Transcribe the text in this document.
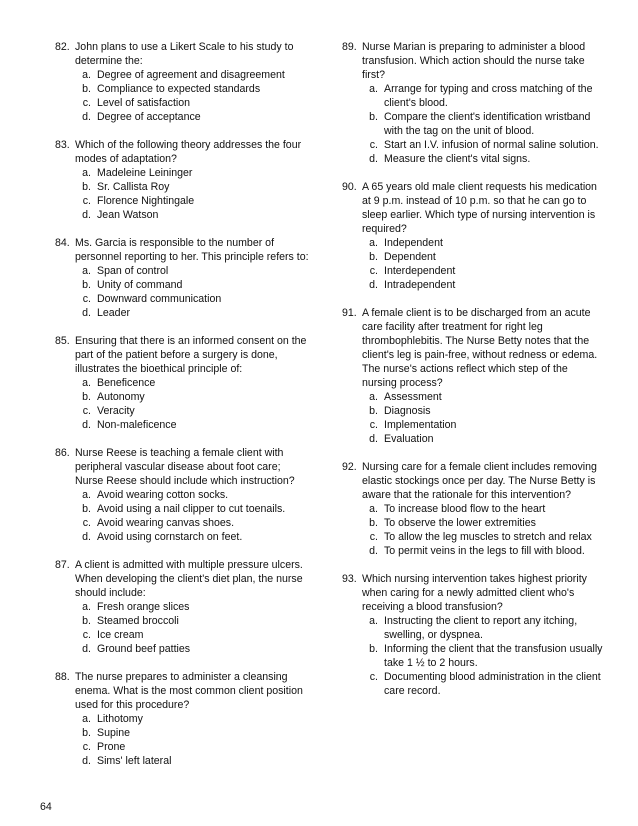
82. John plans to use a Likert Scale to his study to determine the:
a. Degree of agreement and disagreement
b. Compliance to expected standards
c. Level of satisfaction
d. Degree of acceptance
83. Which of the following theory addresses the four modes of adaptation?
a. Madeleine Leininger
b. Sr. Callista Roy
c. Florence Nightingale
d. Jean Watson
84. Ms. Garcia is responsible to the number of personnel reporting to her. This principle refers to:
a. Span of control
b. Unity of command
c. Downward communication
d. Leader
85. Ensuring that there is an informed consent on the part of the patient before a surgery is done, illustrates the bioethical principle of:
a. Beneficence
b. Autonomy
c. Veracity
d. Non-maleficence
86. Nurse Reese is teaching a female client with peripheral vascular disease about foot care; Nurse Reese should include which instruction?
a. Avoid wearing cotton socks.
b. Avoid using a nail clipper to cut toenails.
c. Avoid wearing canvas shoes.
d. Avoid using cornstarch on feet.
87. A client is admitted with multiple pressure ulcers. When developing the client's diet plan, the nurse should include:
a. Fresh orange slices
b. Steamed broccoli
c. Ice cream
d. Ground beef patties
88. The nurse prepares to administer a cleansing enema. What is the most common client position used for this procedure?
a. Lithotomy
b. Supine
c. Prone
d. Sims' left lateral
89. Nurse Marian is preparing to administer a blood transfusion. Which action should the nurse take first?
a. Arrange for typing and cross matching of the client's blood.
b. Compare the client's identification wristband with the tag on the unit of blood.
c. Start an I.V. infusion of normal saline solution.
d. Measure the client's vital signs.
90. A 65 years old male client requests his medication at 9 p.m. instead of 10 p.m. so that he can go to sleep earlier. Which type of nursing intervention is required?
a. Independent
b. Dependent
c. Interdependent
d. Intradependent
91. A female client is to be discharged from an acute care facility after treatment for right leg thrombophlebitis. The Nurse Betty notes that the client's leg is pain-free, without redness or edema. The nurse's actions reflect which step of the nursing process?
a. Assessment
b. Diagnosis
c. Implementation
d. Evaluation
92. Nursing care for a female client includes removing elastic stockings once per day. The Nurse Betty is aware that the rationale for this intervention?
a. To increase blood flow to the heart
b. To observe the lower extremities
c. To allow the leg muscles to stretch and relax
d. To permit veins in the legs to fill with blood.
93. Which nursing intervention takes highest priority when caring for a newly admitted client who's receiving a blood transfusion?
a. Instructing the client to report any itching, swelling, or dyspnea.
b. Informing the client that the transfusion usually take 1 ½ to 2 hours.
c. Documenting blood administration in the client care record.
64
